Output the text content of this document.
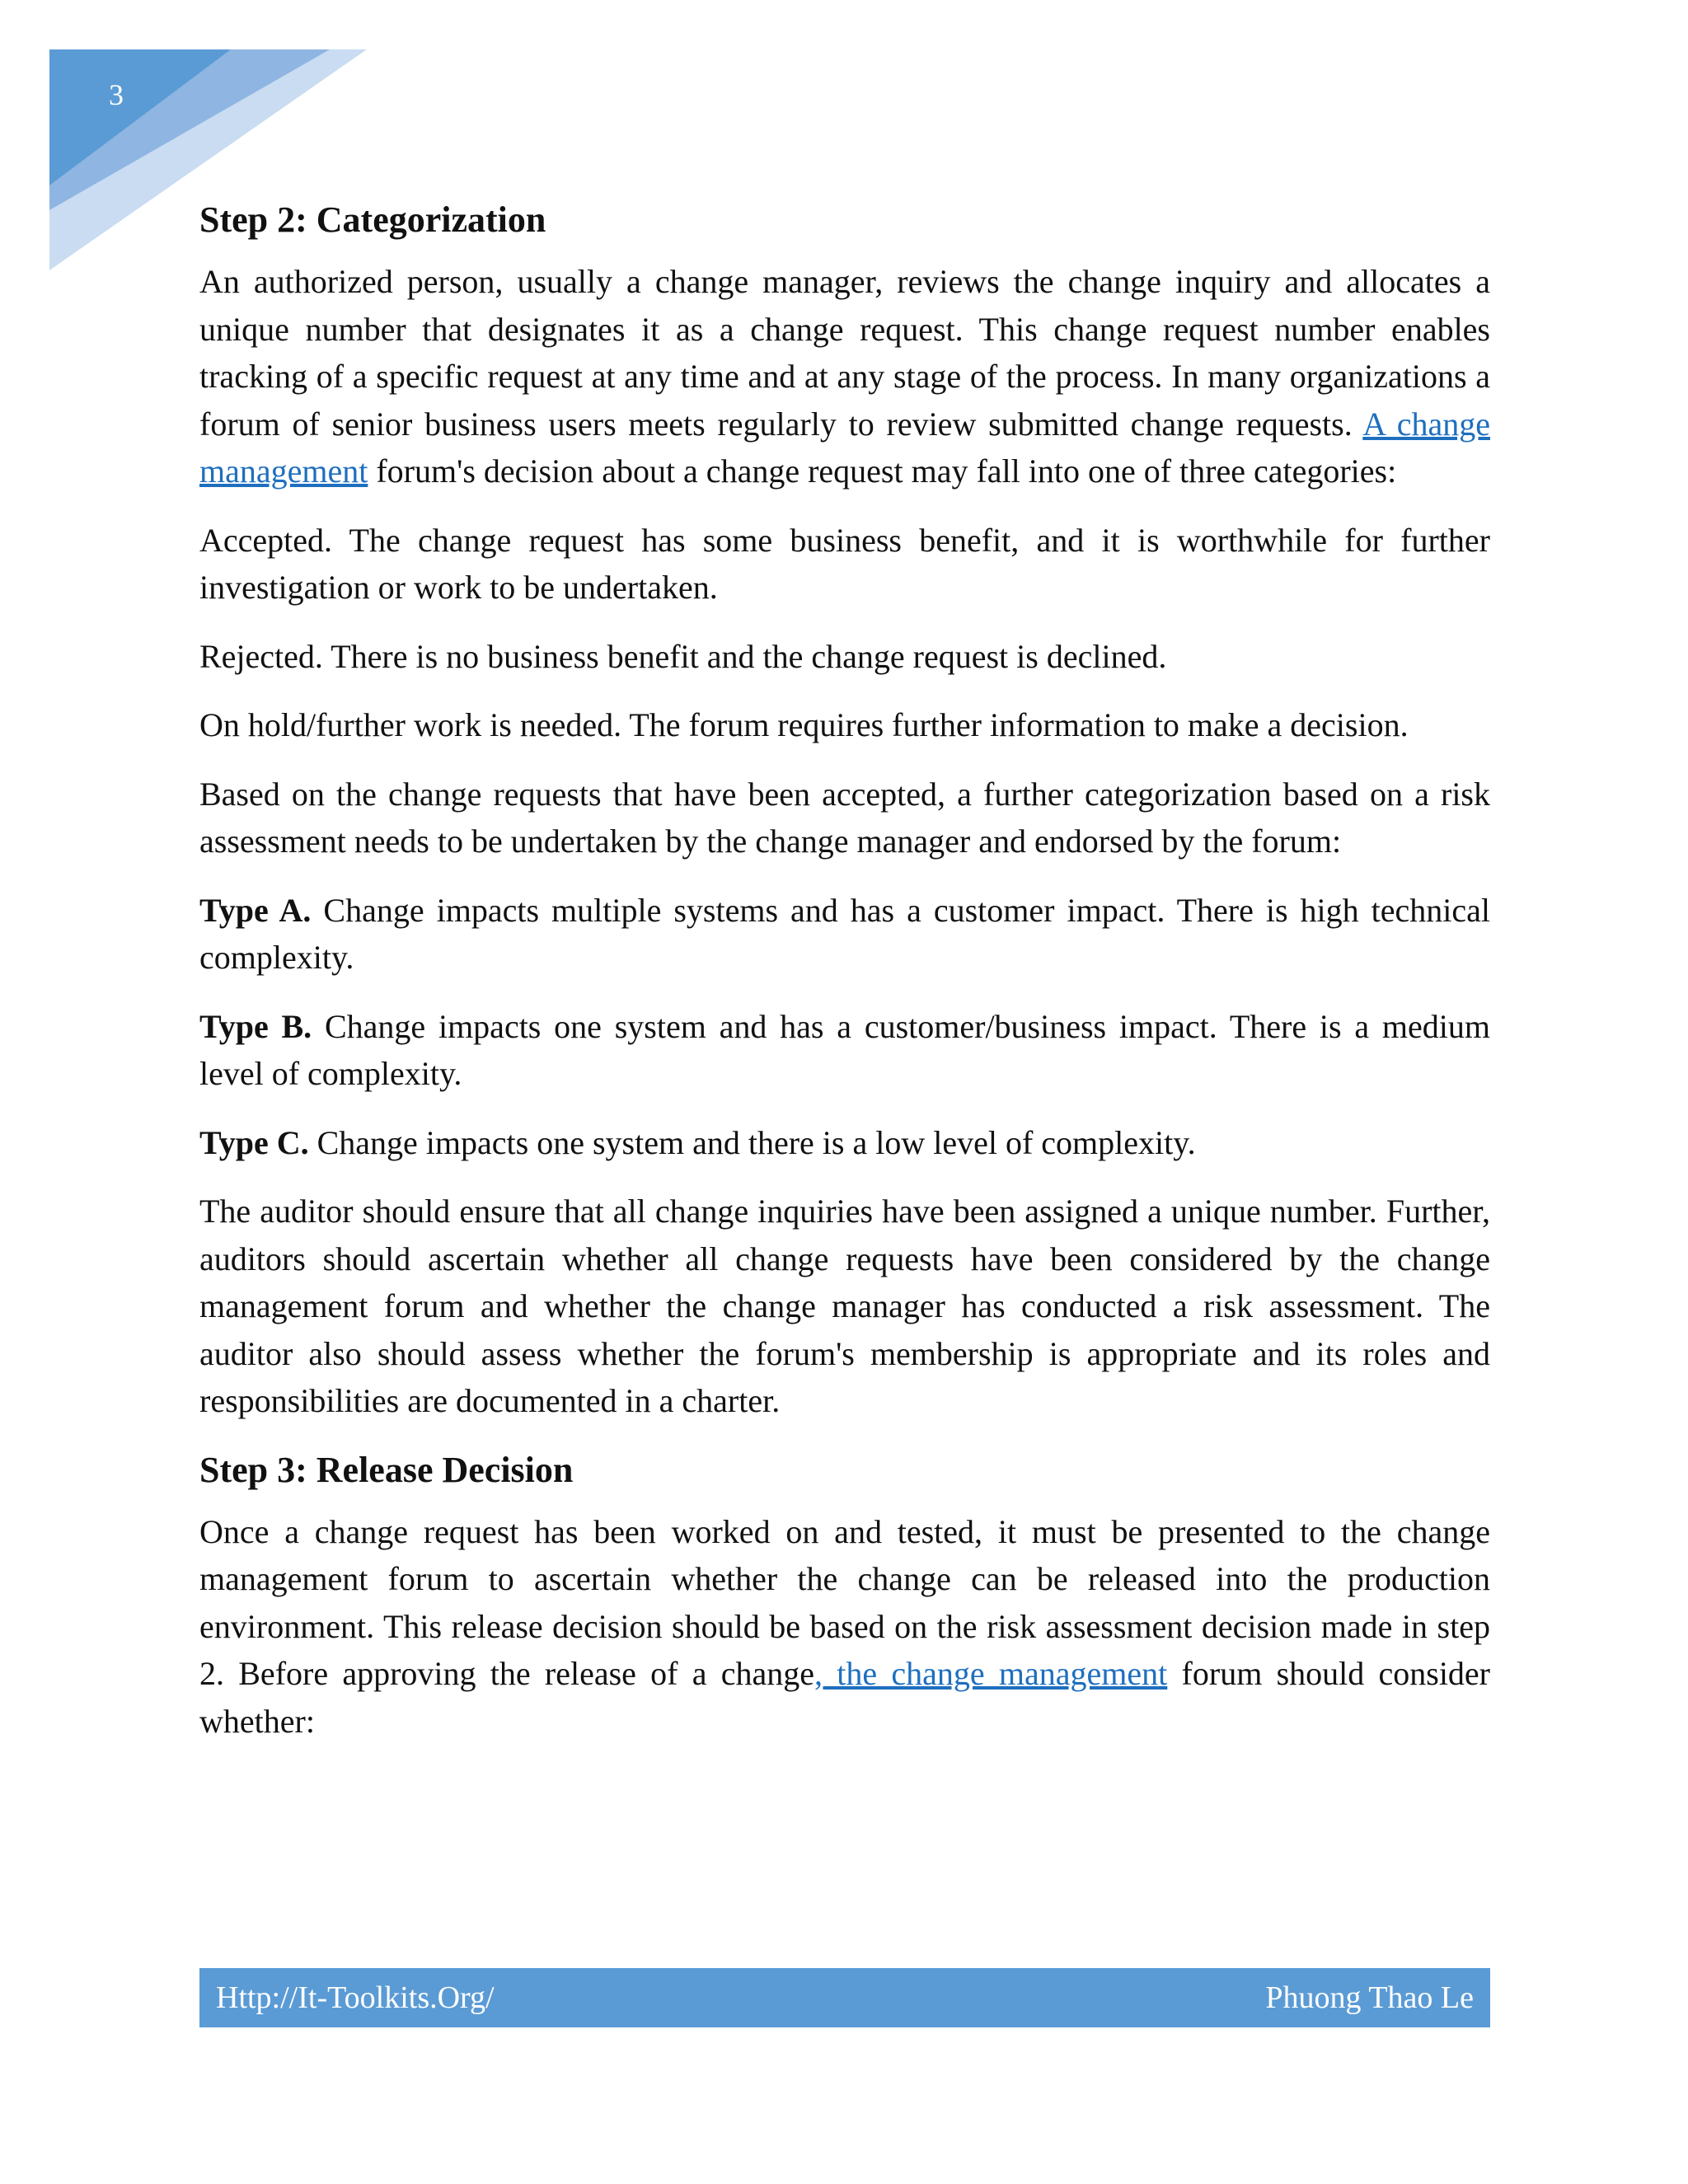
3
Step 2: Categorization

An authorized person, usually a change manager, reviews the change inquiry and allocates a unique number that designates it as a change request. This change request number enables tracking of a specific request at any time and at any stage of the process. In many organizations a forum of senior business users meets regularly to review submitted change requests. A change management forum's decision about a change request may fall into one of three categories:

Accepted. The change request has some business benefit, and it is worthwhile for further investigation or work to be undertaken.

Rejected. There is no business benefit and the change request is declined.

On hold/further work is needed. The forum requires further information to make a decision.

Based on the change requests that have been accepted, a further categorization based on a risk assessment needs to be undertaken by the change manager and endorsed by the forum:

Type A. Change impacts multiple systems and has a customer impact. There is high technical complexity.

Type B. Change impacts one system and has a customer/business impact. There is a medium level of complexity.

Type C. Change impacts one system and there is a low level of complexity.

The auditor should ensure that all change inquiries have been assigned a unique number. Further, auditors should ascertain whether all change requests have been considered by the change management forum and whether the change manager has conducted a risk assessment. The auditor also should assess whether the forum's membership is appropriate and its roles and responsibilities are documented in a charter.

Step 3: Release Decision

Once a change request has been worked on and tested, it must be presented to the change management forum to ascertain whether the change can be released into the production environment. This release decision should be based on the risk assessment decision made in step 2. Before approving the release of a change, the change management forum should consider whether:

Http://It-Toolkits.Org/	Phuong Thao Le
